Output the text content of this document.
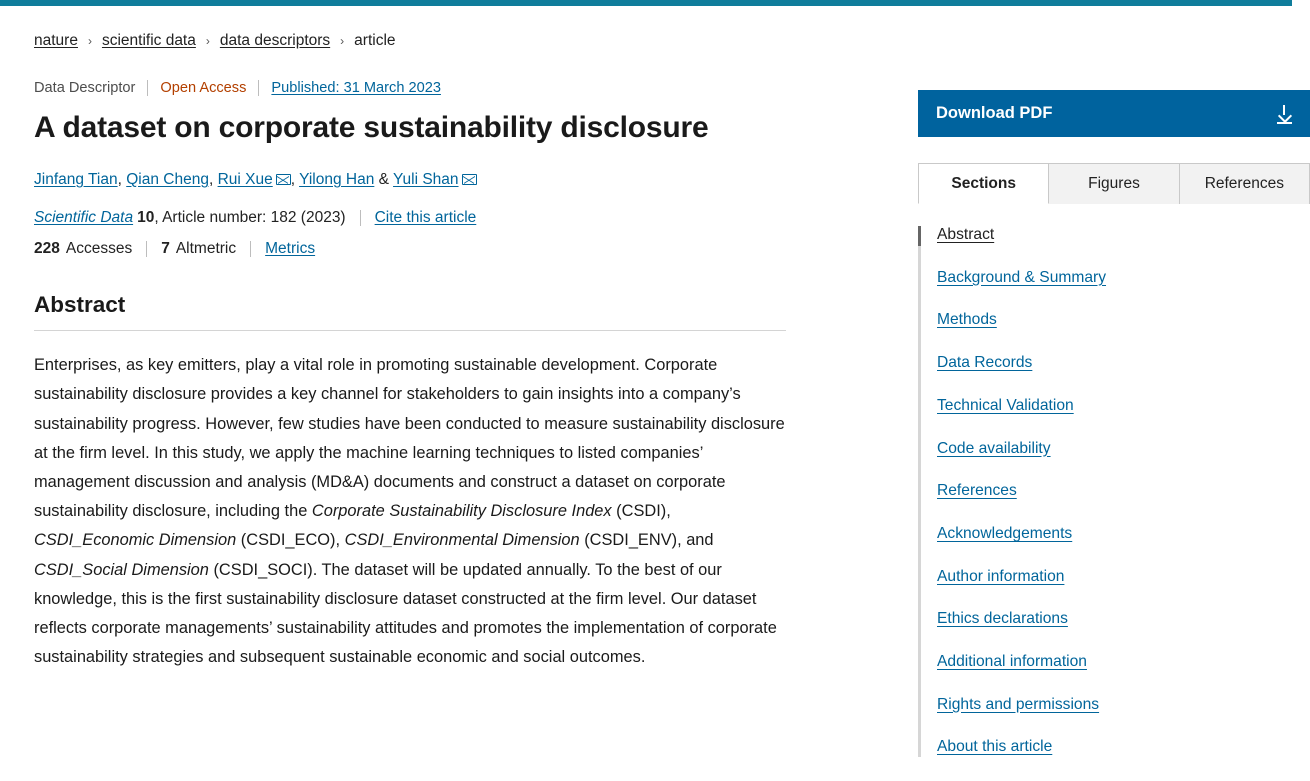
nature › scientific data › data descriptors › article
Data Descriptor Open Access Published: 31 March 2023
A dataset on corporate sustainability disclosure
Jinfang Tian, Qian Cheng, Rui Xue , Yilong Han & Yuli Shan
Scientific Data 10 , Article number: 182 (2023) Cite this article
228 Accesses 7 Altmetric Metrics
Abstract
Enterprises, as key emitters, play a vital role in promoting sustainable development. Corporate sustainability disclosure provides a key channel for stakeholders to gain insights into a company’s sustainability progress. However, few studies have been conducted to measure sustainability disclosure at the firm level. In this study, we apply the machine learning techniques to listed companies’ management discussion and analysis (MD&A) documents and construct a dataset on corporate sustainability disclosure, including the Corporate Sustainability Disclosure Index (CSDI), CSDI_Economic Dimension (CSDI_ECO), CSDI_Environmental Dimension (CSDI_ENV), and CSDI_Social Dimension (CSDI_SOCI). The dataset will be updated annually. To the best of our knowledge, this is the first sustainability disclosure dataset constructed at the firm level. Our dataset reflects corporate managements’ sustainability attitudes and promotes the implementation of corporate sustainability strategies and subsequent sustainable economic and social outcomes.
Download PDF
Sections	Figures	References
Abstract
Background & Summary
Methods
Data Records
Technical Validation
Code availability
References
Acknowledgements
Author information
Ethics declarations
Additional information
Rights and permissions
About this article
